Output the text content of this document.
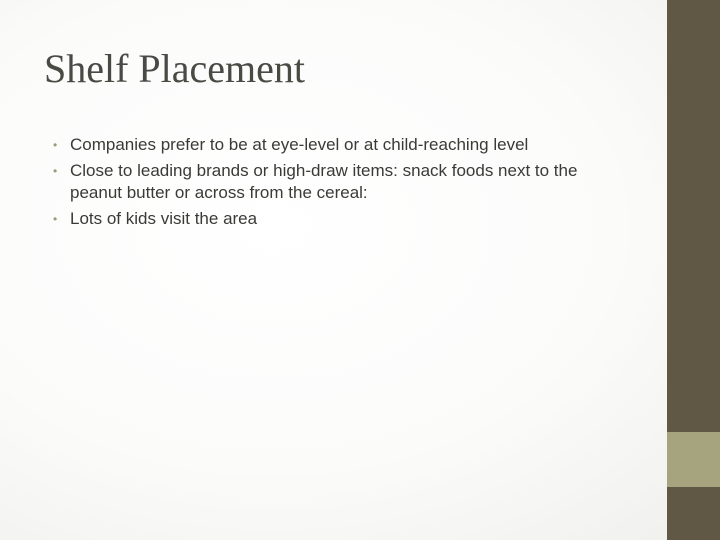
Shelf Placement
• Companies prefer to be at eye-level or at child-reaching level
• Close to leading brands or high-draw items: snack foods next to the peanut butter or across from the cereal:
• Lots of kids visit the area
